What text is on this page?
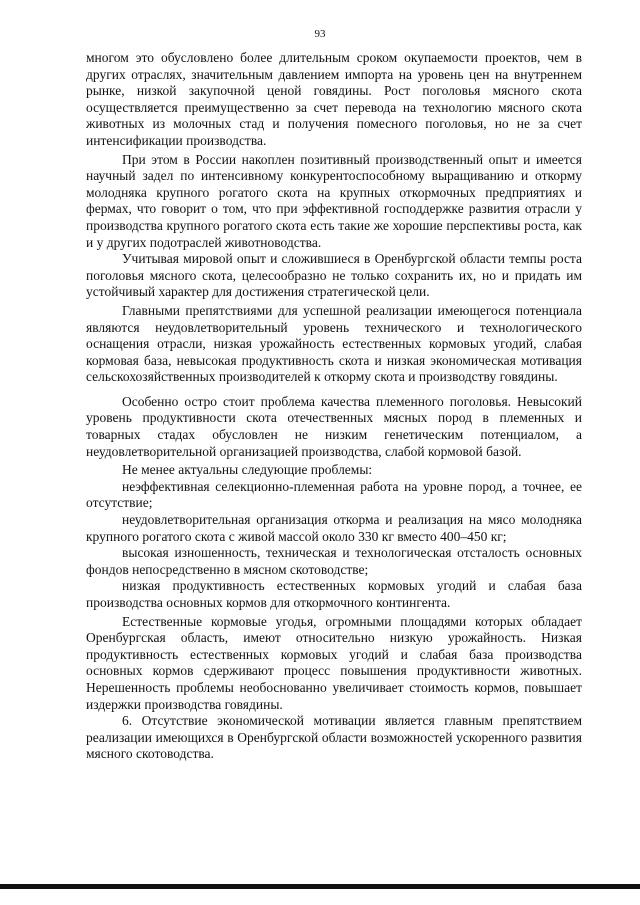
93

многом это обусловлено более длительным сроком окупаемости проектов, чем в других отраслях, значительным давлением импорта на уровень цен на внутреннем рынке, низкой закупочной ценой говядины. Рост поголовья мясного скота осуществляется преимущественно за счет перевода на технологию мясного скота животных из молочных стад и получения помесного поголовья, но не за счет интенсификации производства.

При этом в России накоплен позитивный производственный опыт и имеется научный задел по интенсивному конкурентоспособному выращиванию и откорму молодняка крупного рогатого скота на крупных откормочных предприятиях и фермах, что говорит о том, что при эффективной господдержке развития отрасли у производства крупного рогатого скота есть такие же хорошие перспективы роста, как и у других подотраслей животноводства.

Учитывая мировой опыт и сложившиеся в Оренбургской области темпы роста поголовья мясного скота, целесообразно не только сохранить их, но и придать им устойчивый характер для достижения стратегической цели.

Главными препятствиями для успешной реализации имеющегося потенциала являются неудовлетворительный уровень технического и технологического оснащения отрасли, низкая урожайность естественных кормовых угодий, слабая кормовая база, невысокая продуктивность скота и низкая экономическая мотивация сельскохозяйственных производителей к откорму скота и производству говядины.

Особенно остро стоит проблема качества племенного поголовья. Невысокий уровень продуктивности скота отечественных мясных пород в племенных и товарных стадах обусловлен не низким генетическим потенциалом, а неудовлетворительной организацией производства, слабой кормовой базой.

Не менее актуальны следующие проблемы:

неэффективная селекционно-племенная работа на уровне пород, а точнее, ее отсутствие;

неудовлетворительная организация откорма и реализация на мясо молодняка крупного рогатого скота с живой массой около 330 кг вместо 400–450 кг;

высокая изношенность, техническая и технологическая отсталость основных фондов непосредственно в мясном скотоводстве;

низкая продуктивность естественных кормовых угодий и слабая база производства основных кормов для откормочного контингента.

Естественные кормовые угодья, огромными площадями которых обладает Оренбургская область, имеют относительно низкую урожайность. Низкая продуктивность естественных кормовых угодий и слабая база производства основных кормов сдерживают процесс повышения продуктивности животных. Нерешенность проблемы необоснованно увеличивает стоимость кормов, повышает издержки производства говядины.

6. Отсутствие экономической мотивации является главным препятствием реализации имеющихся в Оренбургской области возможностей ускоренного развития мясного скотоводства.
